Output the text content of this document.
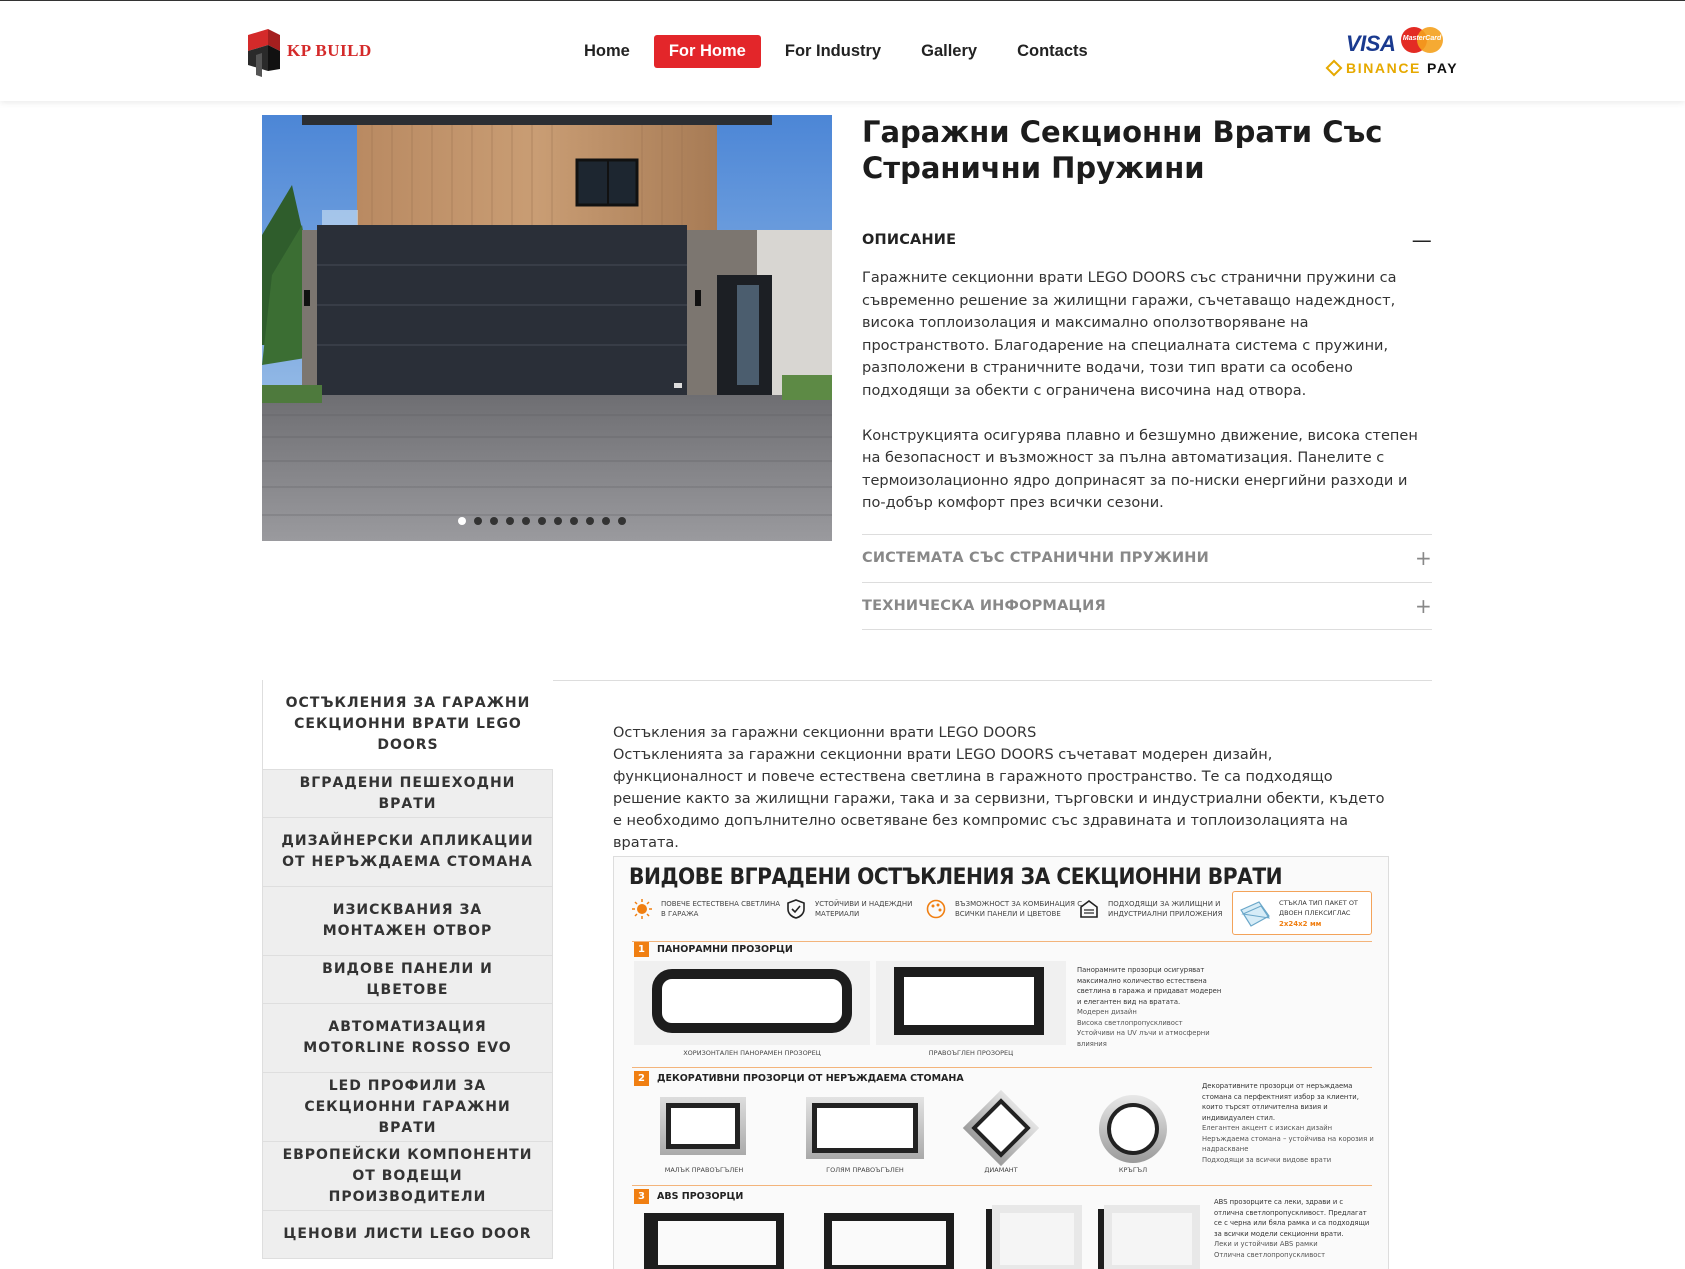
KP BUILD	Home	For Home	For Industry Gallery Contacts	VISA	MasterCard
BINANCE PAY
Гаражни Секционни Врати Със Странични Пружини
ОПИСАНИЕ	—

Гаражните секционни врати LEGO DOORS със странични пружини са съвременно решение за жилищни гаражи, съчетаващо надеждност, висока топлоизолация и максимално оползотворяване на пространството. Благодарение на специалната система с пружини, разположени в страничните водачи, този тип врати са особено подходящи за обекти с ограничена височина над отвора.

Конструкцията осигурява плавно и безшумно движение, висока степен на безопасност и възможност за пълна автоматизация. Панелите с термоизолационно ядро допринасят за по-ниски енергийни разходи и по-добър комфорт през всички сезони.

СИСТЕМАТА СЪС СТРАНИЧНИ ПРУЖИНИ	+
ТЕХНИЧЕСКА ИНФОРМАЦИЯ	+
ОСТЪКЛЕНИЯ ЗА ГАРАЖНИ СЕКЦИОННИ ВРАТИ LEGO DOORS
ВГРАДЕНИ ПЕШЕХОДНИ ВРАТИ
ДИЗАЙНЕРСКИ АПЛИКАЦИИ ОТ НЕРЪЖДАЕМА СТОМАНА
ИЗИСКВАНИЯ ЗА МОНТАЖЕН ОТВОР
ВИДОВЕ ПАНЕЛИ И ЦВЕТОВЕ
АВТОМАТИЗАЦИЯ MOTORLINE ROSSO EVO
LED ПРОФИЛИ ЗА СЕКЦИОННИ ГАРАЖНИ ВРАТИ
ЕВРОПЕЙСКИ КОМПОНЕНТИ ОТ ВОДЕЩИ ПРОИЗВОДИТЕЛИ
ЦЕНОВИ ЛИСТИ LEGO DOOR
Остъкления за гаражни секционни врати LEGO DOORS
Остъкленията за гаражни секционни врати LEGO DOORS съчетават модерен дизайн, функционалност и повече естествена светлина в гаражното пространство. Те са подходящо решение както за жилищни гаражи, така и за сервизни, търговски и индустриални обекти, където е необходимо допълнително осветяване без компромис със здравината и топлоизолацията на вратата.
ВИДОВЕ ВГРАДЕНИ ОСТЪКЛЕНИЯ ЗА СЕКЦИОННИ ВРАТИ
ПОВЕЧЕ ЕСТЕСТВЕНА СВЕТЛИНА В ГАРАЖА
УСТОЙЧИВИ И НАДЕЖДНИ МАТЕРИАЛИ
ВЪЗМОЖНОСТ ЗА КОМБИНАЦИЯ С ВСИЧКИ ПАНЕЛИ И ЦВЕТОВЕ
ПОДХОДЯЩИ ЗА ЖИЛИЩНИ И ИНДУСТРИАЛНИ ПРИЛОЖЕНИЯ
СТЪКЛА ТИП ПАКЕТ ОТ ДВОЕН ПЛЕКСИГЛАС
2x24x2 мм
1	ПАНОРАМНИ ПРОЗОРЦИ
ХОРИЗОНТАЛЕН ПАНОРАМЕН ПРОЗОРЕЦ	ПРАВОЪГЛЕН ПРОЗОРЕЦ
Панорамните прозорци осигуряват максимално количество естествена светлина в гаража и придават модерен и елегантен вид на вратата.
Модерен дизайн
Висока светлопропускливост
Устойчиви на UV лъчи и атмосферни влияния
2	ДЕКОРАТИВНИ ПРОЗОРЦИ ОТ НЕРЪЖДАЕМА СТОМАНА
МАЛЪК ПРАВОЪГЪЛЕН	ГОЛЯМ ПРАВОЪГЪЛЕН	ДИАМАНТ	КРЪГЪЛ
Декоративните прозорци от неръждаема стомана са перфектният избор за клиенти, които търсят отличителна визия и индивидуален стил.
Елегантен акцент с изискан дизайн
Неръждаема стомана – устойчива на корозия и надраскване
Подходящи за всички видове врати
3	ABS ПРОЗОРЦИ	ABS прозорците са леки, здрави и с отлична светлопропускливост. Предлагат се с черна или бяла рамка и са подходящи за всички модели секционни врати.
Леки и устойчиви ABS рамки
Отлична светлопропускливост
